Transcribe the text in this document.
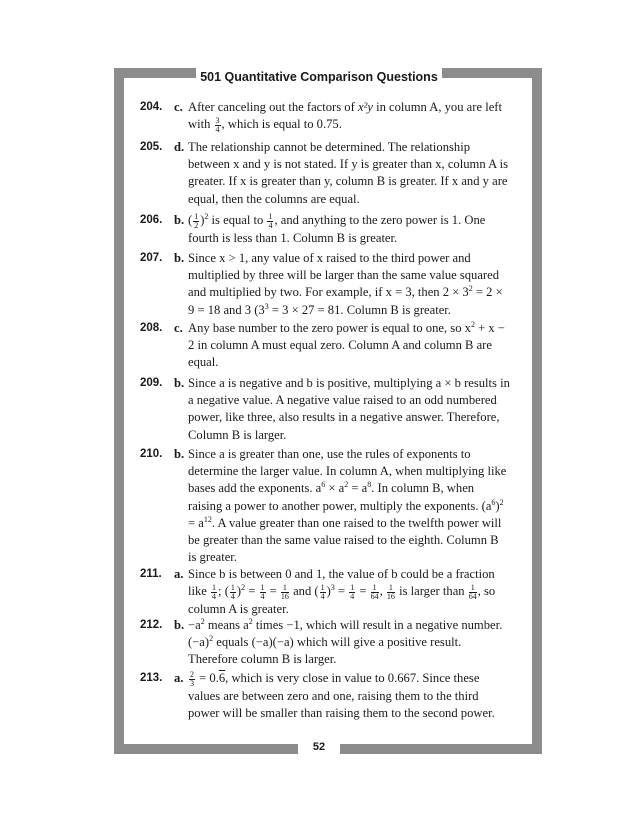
501 Quantitative Comparison Questions
52
204. c. After canceling out the factors of x²y in column A, you are left with $\frac{3}{4}$ , which is equal to 0.75.
205. d. The relationship cannot be determined. The relationship between x and y is not stated. If y is greater than x, column A is greater. If x is greater than y, column B is greater. If x and y are equal, then the columns are equal.
206. b. ( $\frac{1}{2} )^2$ is equal to $\frac{1}{4}$ , and anything to the zero power is 1. One fourth is less than 1. Column B is greater.
207. b. Since x > 1, any value of x raised to the third power and multiplied by three will be larger than the same value squared and multiplied by two. For example, if x = 3, then $2 \times 3^2 = 2 \times 9 = 18$ and 3 ($3^3 = 3 \times 27 = 81$. Column B is greater.
208. c. Any base number to the zero power is equal to one, so $x^2 + x - 2$ in column A must equal zero. Column A and column B are equal.
209. b. Since a is negative and b is positive, multiplying a × b results in a negative value. A negative value raised to an odd numbered power, like three, also results in a negative answer. Therefore, Column B is larger.
210. b. Since a is greater than one, use the rules of exponents to determine the larger value. In column A, when multiplying like bases add the exponents. $a^6 \times a^2 = a^8$. In column B, when raising a power to another power, multiply the exponents. $(a^6)^2 = a^{12}$. A value greater than one raised to the twelfth power will be greater than the same value raised to the eighth. Column B is greater.
211. a. Since b is between 0 and 1, the value of b could be a fraction like $\frac{1}{4}$ ; ( $\frac{1}{4} )^2 = \frac{1}{4} = \frac{1}{16}$ and ( $\frac{1}{4} )^3 = \frac{1}{4} = \frac{1}{64}$ , $\frac{1}{16}$ is larger than $\frac{1}{64}$ , so column A is greater.
212. b. $-a^2$ means $a^2$ times −1, which will result in a negative number. $(-a)^2$ equals (−a)(−a) which will give a positive result. Therefore column B is larger.
213. a. $\frac{2}{3} = 0.6$, which is very close in value to 0.667. Since these values are between zero and one, raising them to the third power will be smaller than raising them to the second power.
